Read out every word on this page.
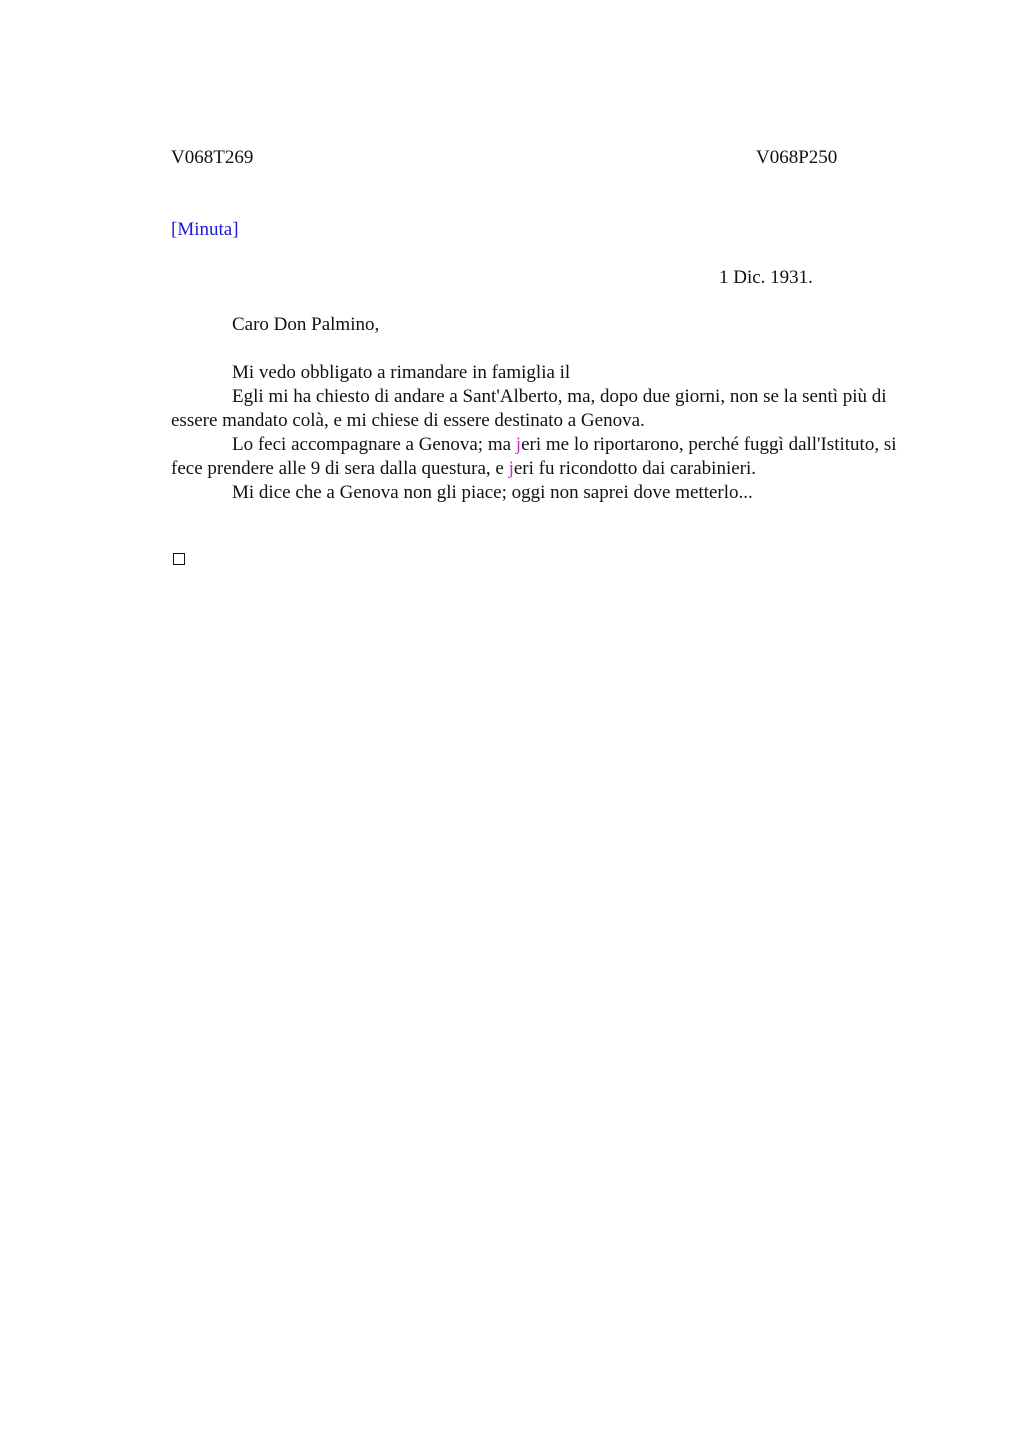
V068T269	V068P250
[Minuta]
1 Dic. 1931.
Caro Don Palmino,

Mi vedo obbligato a rimandare in famiglia il

Egli mi ha chiesto di andare a Sant'Alberto, ma, dopo due giorni, non se la sentì più di essere mandato colà, e mi chiese di essere destinato a Genova.

Lo feci accompagnare a Genova; ma jeri me lo riportarono, perché fuggì dall'Istituto, si fece prendere alle 9 di sera dalla questura, e jeri fu ricondotto dai carabinieri.

Mi dice che a Genova non gli piace; oggi non saprei dove metterlo...
